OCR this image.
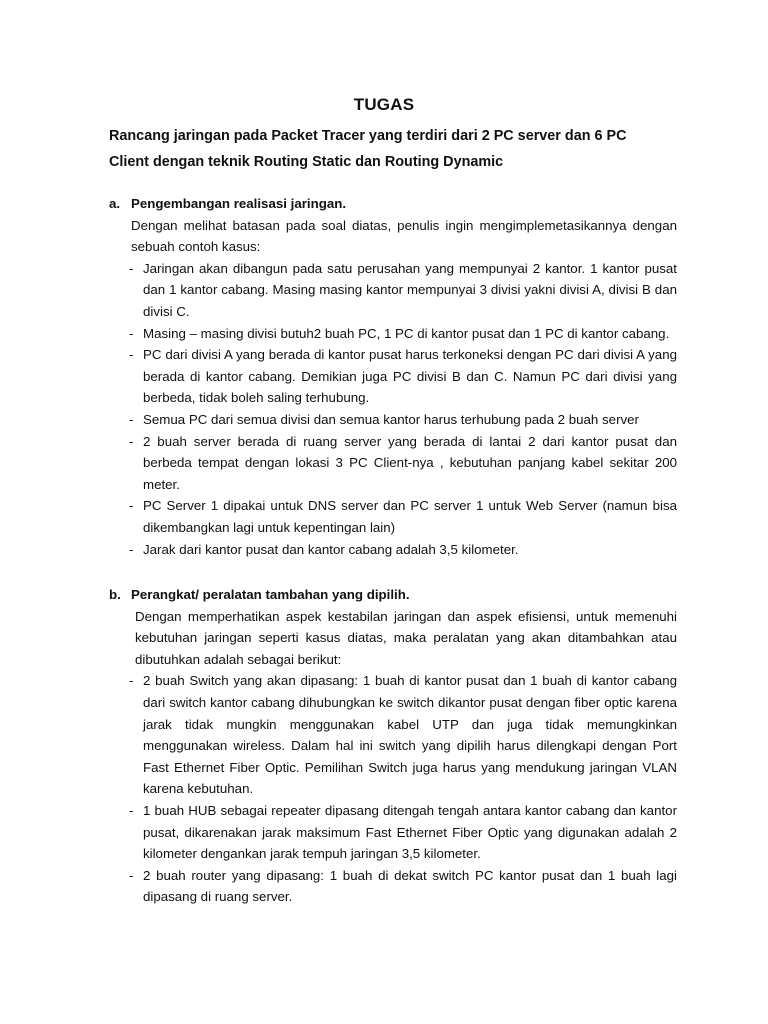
TUGAS
Rancang jaringan pada Packet Tracer yang terdiri dari 2 PC server dan 6 PC Client dengan teknik Routing Static dan Routing Dynamic
a. Pengembangan realisasi jaringan.
Dengan melihat batasan pada soal diatas, penulis ingin mengimplemetasikannya dengan sebuah contoh kasus:
- Jaringan akan dibangun pada satu perusahan yang mempunyai 2 kantor. 1 kantor pusat dan 1 kantor cabang. Masing masing kantor mempunyai 3 divisi yakni divisi A, divisi B dan divisi C.
- Masing – masing divisi butuh2 buah PC, 1 PC di kantor pusat dan 1 PC di kantor cabang.
- PC dari divisi A yang berada di kantor pusat harus terkoneksi dengan PC dari divisi A yang berada di kantor cabang. Demikian juga PC divisi B dan C. Namun PC dari divisi yang berbeda, tidak boleh saling terhubung.
- Semua PC dari semua divisi dan semua kantor harus terhubung pada 2 buah server
- 2 buah server berada di ruang server yang berada di lantai 2 dari kantor pusat dan berbeda tempat dengan lokasi 3 PC Client-nya , kebutuhan panjang kabel sekitar 200 meter.
- PC Server 1 dipakai untuk DNS server dan PC server 1 untuk Web Server (namun bisa dikembangkan lagi untuk kepentingan lain)
- Jarak dari kantor pusat dan kantor cabang adalah 3,5 kilometer.
b. Perangkat/ peralatan tambahan yang dipilih.
Dengan memperhatikan aspek kestabilan jaringan dan aspek efisiensi, untuk memenuhi kebutuhan jaringan seperti kasus diatas, maka peralatan yang akan ditambahkan atau dibutuhkan adalah sebagai berikut:
- 2 buah Switch yang akan dipasang: 1 buah di kantor pusat dan 1 buah di kantor cabang dari switch kantor cabang dihubungkan ke switch dikantor pusat dengan fiber optic karena jarak tidak mungkin menggunakan kabel UTP dan juga tidak memungkinkan menggunakan wireless. Dalam hal ini switch yang dipilih harus dilengkapi dengan Port Fast Ethernet Fiber Optic. Pemilihan Switch juga harus yang mendukung jaringan VLAN karena kebutuhan.
- 1 buah HUB sebagai repeater dipasang ditengah tengah antara kantor cabang dan kantor pusat, dikarenakan jarak maksimum Fast Ethernet Fiber Optic yang digunakan adalah 2 kilometer dengankan jarak tempuh jaringan 3,5 kilometer.
- 2 buah router yang dipasang: 1 buah di dekat switch PC kantor pusat dan 1 buah lagi dipasang di ruang server.
